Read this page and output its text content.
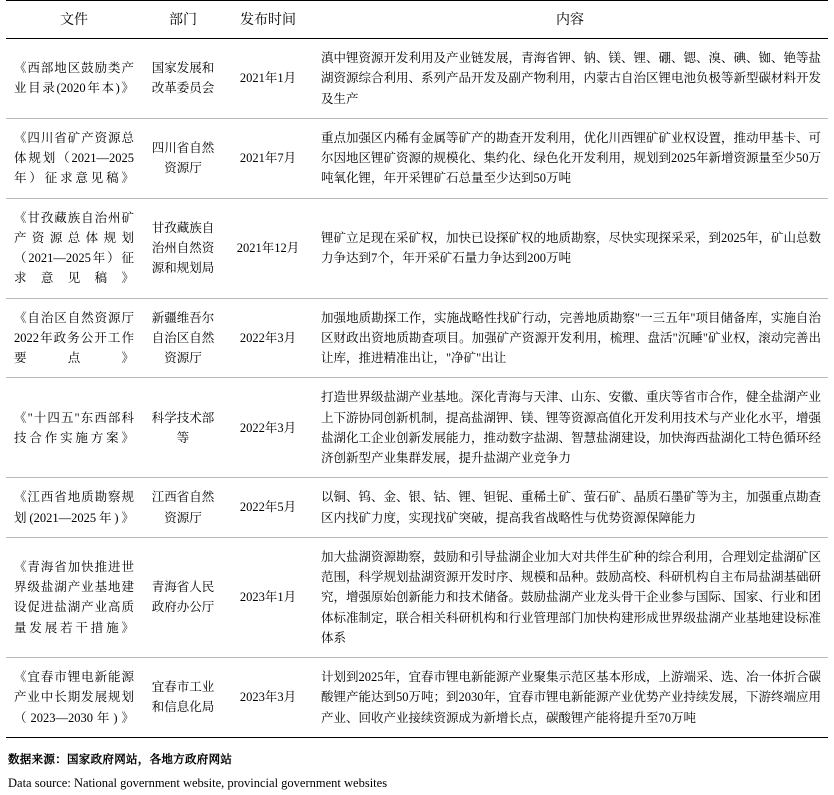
文件	部门	发布时间	内容
《西部地区鼓励类产业目录(2020年本)》	国家发展和改革委员会	2021年1月	滇中锂资源开发利用及产业链发展，青海省钾、钠、镁、锂、硼、锶、溴、碘、铷、铯等盐湖资源综合利用、系列产品开发及副产物利用，内蒙古自治区锂电池负极等新型碳材料开发及生产
《四川省矿产资源总体规划（2021—2025 年）征求意见稿》	四川省自然资源厅	2021年7月	重点加强区内稀有金属等矿产的勘查开发利用，优化川西锂矿矿业权设置，推动甲基卡、可尔因地区锂矿资源的规模化、集约化、绿色化开发利用，规划到2025年新增资源量至少50万吨氧化锂，年开采锂矿石总量至少达到50万吨
《甘孜藏族自治州矿产资源总体规划（2021—2025年）征求意见稿》	甘孜藏族自治州自然资源和规划局	2021年12月	锂矿立足现在采矿权，加快已设探矿权的地质勘察，尽快实现探采采，到2025年，矿山总数力争达到7个，年开采矿石量力争达到200万吨
《自治区自然资源厅2022年政务公开工作要点》	新疆维吾尔自治区自然资源厅	2022年3月	加强地质勘探工作，实施战略性找矿行动，完善地质勘察"一三五年"项目储备库，实施自治区财政出资地质勘查项目。加强矿产资源开发利用，梳理、盘活"沉睡"矿业权，滚动完善出让库，推进精准出让，"净矿"出让
《"十四五"东西部科技合作实施方案》	科学技术部等	2022年3月	打造世界级盐湖产业基地。深化青海与天津、山东、安徽、重庆等省市合作，健全盐湖产业上下游协同创新机制，提高盐湖钾、镁、锂等资源高值化开发利用技术与产业化水平，增强盐湖化工企业创新发展能力，推动数字盐湖、智慧盐湖建设，加快海西盐湖化工特色循环经济创新型产业集群发展，提升盐湖产业竞争力
《江西省地质勘察规划(2021—2025年)》	江西省自然资源厅	2022年5月	以铜、钨、金、银、钴、锂、钽铌、重稀土矿、萤石矿、晶质石墨矿等为主，加强重点勘查区内找矿力度，实现找矿突破，提高我省战略性与优势资源保障能力
《青海省加快推进世界级盐湖产业基地建设促进盐湖产业高质量发展若干措施》	青海省人民政府办公厅	2023年1月	加大盐湖资源勘察，鼓励和引导盐湖企业加大对共伴生矿种的综合利用，合理划定盐湖矿区范围，科学规划盐湖资源开发时序、规模和品种。鼓励高校、科研机构自主布局盐湖基础研究，增强原始创新能力和技术储备。鼓励盐湖产业龙头骨干企业参与国际、国家、行业和团体标准制定，联合相关科研机构和行业管理部门加快构建形成世界级盐湖产业基地建设标准体系
《宜春市锂电新能源产业中长期发展规划（2023—2030年)》	宜春市工业和信息化局	2023年3月	计划到2025年，宜春市锂电新能源产业聚集示范区基本形成，上游端采、选、冶一体折合碳酸锂产能达到50万吨；到2030年，宜春市锂电新能源产业优势产业持续发展，下游终端应用产业、回收产业接续资源成为新增长点，碳酸锂产能将提升至70万吨
数据来源：国家政府网站，各地方政府网站
Data source: National government website, provincial government websites
